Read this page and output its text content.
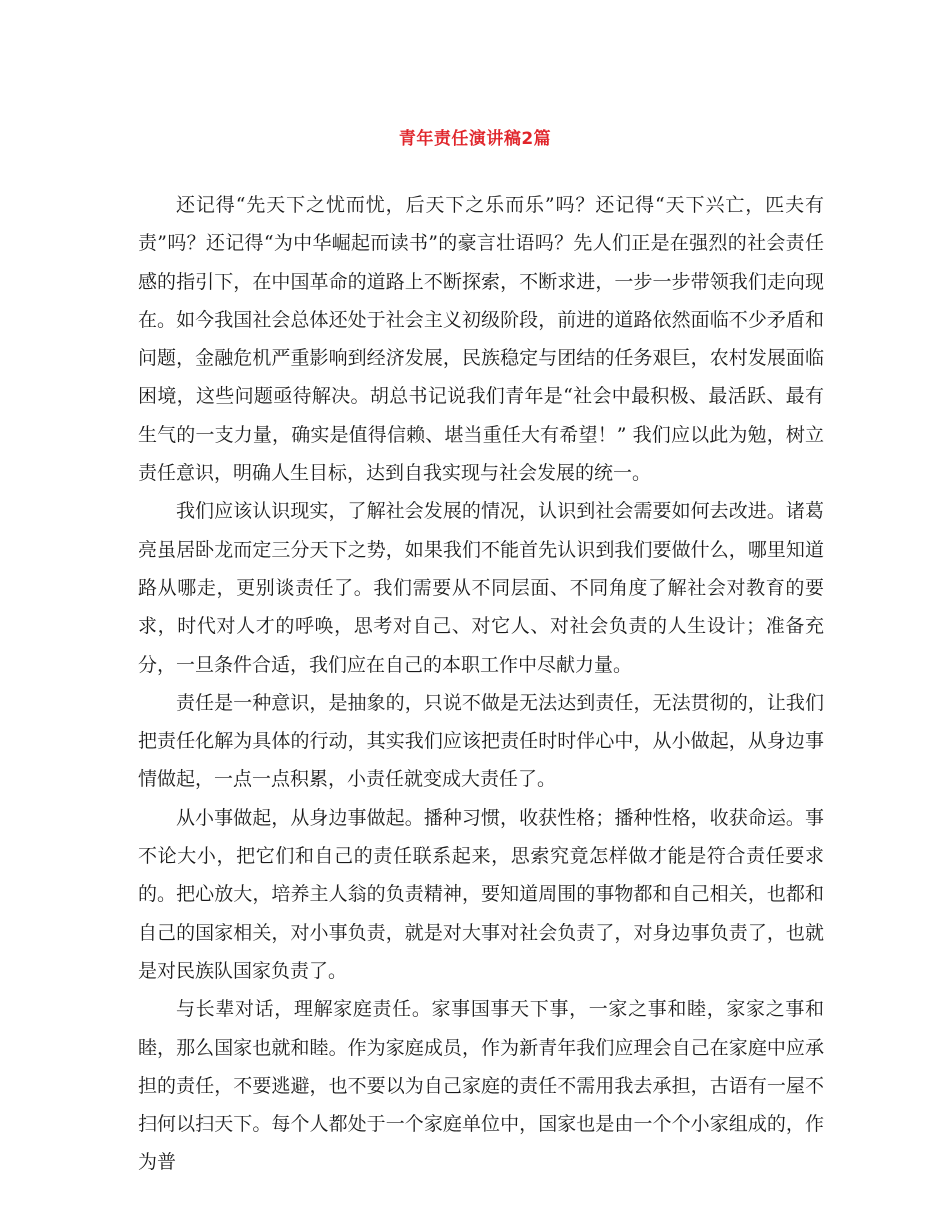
青年责任演讲稿2篇

还记得“先天下之忧而忧，后天下之乐而乐”吗？还记得“天下兴亡，匹夫有责”吗？还记得“为中华崛起而读书”的豪言壮语吗？先人们正是在强烈的社会责任感的指引下，在中国革命的道路上不断探索，不断求进，一步一步带领我们走向现在。如今我国社会总体还处于社会主义初级阶段，前进的道路依然面临不少矛盾和问题，金融危机严重影响到经济发展，民族稳定与团结的任务艰巨，农村发展面临困境，这些问题亟待解决。胡总书记说我们青年是“社会中最积极、最活跃、最有生气的一支力量，确实是值得信赖、堪当重任大有希望！” 我们应以此为勉，树立责任意识，明确人生目标，达到自我实现与社会发展的统一。

我们应该认识现实，了解社会发展的情况，认识到社会需要如何去改进。诸葛亮虽居卧龙而定三分天下之势，如果我们不能首先认识到我们要做什么，哪里知道路从哪走，更别谈责任了。我们需要从不同层面、不同角度了解社会对教育的要求，时代对人才的呼唤，思考对自己、对它人、对社会负责的人生设计；准备充分，一旦条件合适，我们应在自己的本职工作中尽献力量。

责任是一种意识，是抽象的，只说不做是无法达到责任，无法贯彻的，让我们把责任化解为具体的行动，其实我们应该把责任时时伴心中，从小做起，从身边事情做起，一点一点积累，小责任就变成大责任了。

从小事做起，从身边事做起。播种习惯，收获性格；播种性格，收获命运。事不论大小，把它们和自己的责任联系起来，思索究竟怎样做才能是符合责任要求的。把心放大，培养主人翁的负责精神，要知道周围的事物都和自己相关，也都和自己的国家相关，对小事负责，就是对大事对社会负责了，对身边事负责了，也就是对民族队国家负责了。

与长辈对话，理解家庭责任。家事国事天下事，一家之事和睦，家家之事和睦，那么国家也就和睦。作为家庭成员，作为新青年我们应理会自己在家庭中应承担的责任，不要逃避，也不要以为自己家庭的责任不需用我去承担，古语有一屋不扫何以扫天下。每个人都处于一个家庭单位中，国家也是由一个个小家组成的，作为普
